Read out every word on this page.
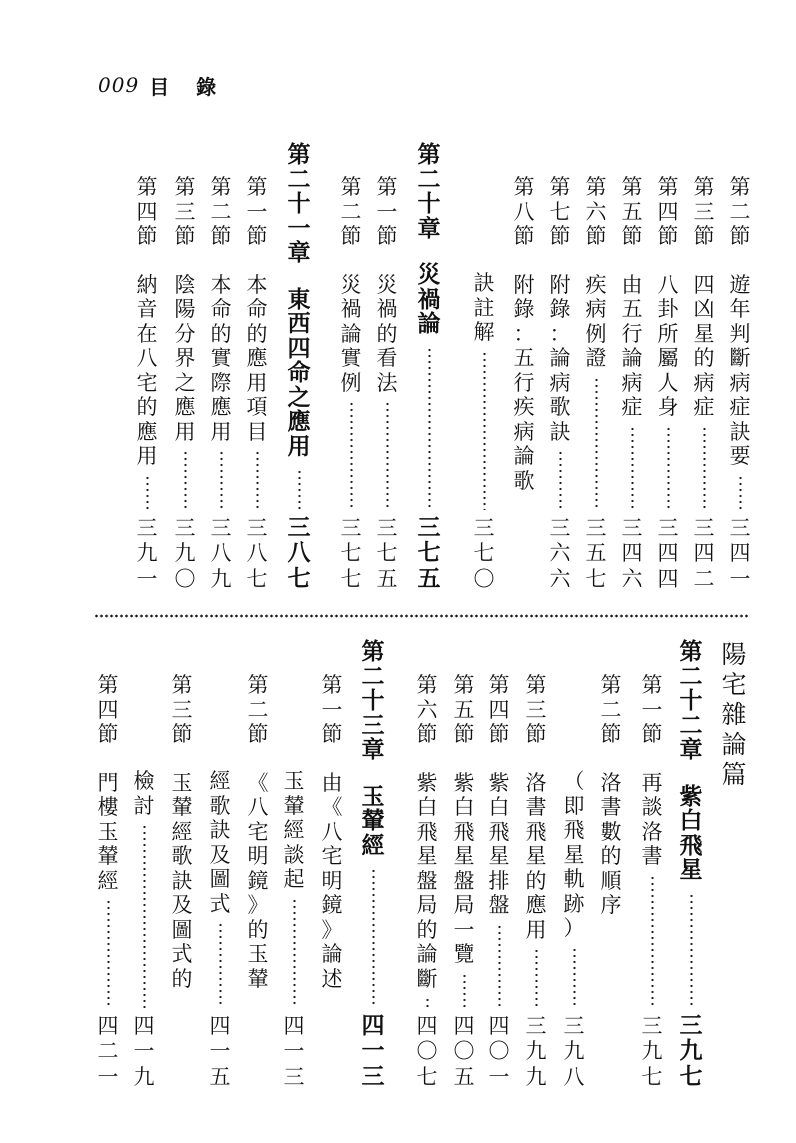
009 目 錄
第
二
節
遊
年
判
斷
病
症
訣
要
三
四
一
第
三
節
四
凶
星
的
病
症
三
四
二
第
四
節
八
卦
所
屬
人
身
三
四
四
第
五
節
由
五
行
論
病
症
三
四
六
第
六
節
疾
病
例
證
三
五
七
第
七
節
附
錄
：
論
病
歌
訣
三
六
六
第
八
節
附
錄
：
五
行
疾
病
論
歌
訣
註
解
三
七
〇
第
二
十
章
災
禍
論
三
七
五
第
一
節
災
禍
的
看
法
三
七
五
第
二
節
災
禍
論
實
例
三
七
七
第
二
十
一
章
東
西
四
命
之
應
用
三
八
七
第
一
節
本
命
的
應
用
項
目
三
八
七
第
二
節
本
命
的
實
際
應
用
三
八
九
第
三
節
陰
陽
分
界
之
應
用
三
九
〇
第
四
節
納
音
在
八
宅
的
應
用
三
九
一
陽
宅
雜
論
篇
第
二
十
二
章
紫
白
飛
星
三
九
七
第
一
節
再
談
洛
書
三
九
七
第
二
節
洛
書
數
的
順
序
（
即
飛
星
軌
跡
）
三
九
八
第
三
節
洛
書
飛
星
的
應
用
三
九
九
第
四
節
紫
白
飛
星
排
盤
四
〇
一
第
五
節
紫
白
飛
星
盤
局
一
覽
四
〇
五
第
六
節
紫
白
飛
星
盤
局
的
論
斷
四
〇
七
第
二
十
三
章
玉
輦
經
四
一
三
第
一
節
由
《
八
宅
明
鏡
》
論
述
玉
輦
經
談
起
四
一
三
第
二
節
《
八
宅
明
鏡
》
的
玉
輦
經
歌
訣
及
圖
式
四
一
五
第
三
節
玉
輦
經
歌
訣
及
圖
式
的
檢
討
四
一
九
第
四
節
門
樓
玉
輦
經
四
二
一
